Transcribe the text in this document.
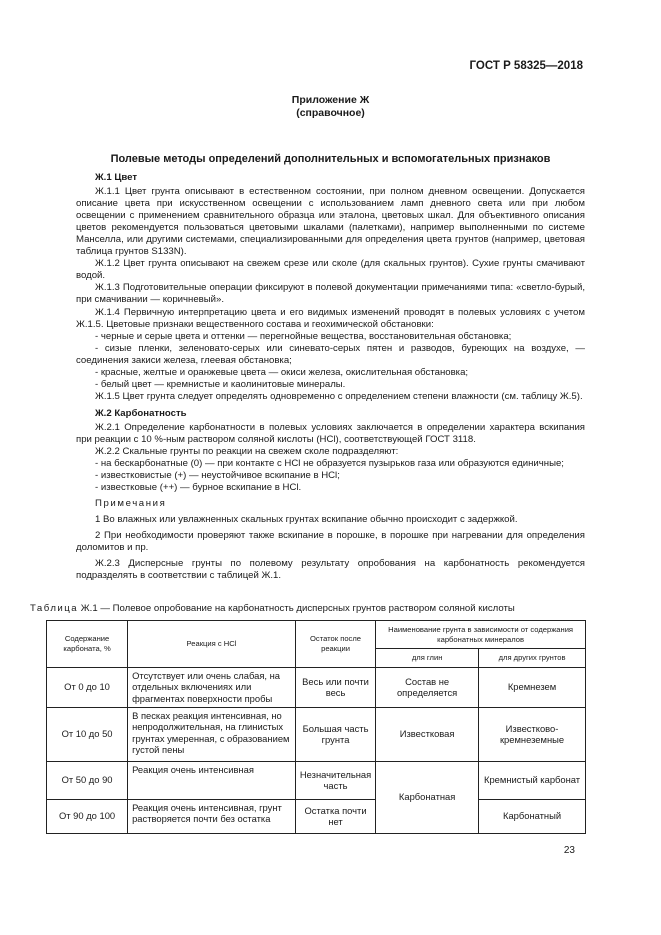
ГОСТ Р 58325—2018
Приложение Ж
(справочное)
Полевые методы определений дополнительных и вспомогательных признаков

Ж.1 Цвет

Ж.1.1 Цвет грунта описывают в естественном состоянии, при полном дневном освещении. Допускается описание цвета при искусственном освещении с использованием ламп дневного света или при любом освещении с применением сравнительного образца или эталона, цветовых шкал. Для объективного описания цветов рекомендуется пользоваться цветовыми шкалами (палетками), например выполненными по системе Манселла, или другими системами, специализированными для определения цвета грунтов (например, цветовая таблица грунтов S133N).

Ж.1.2 Цвет грунта описывают на свежем срезе или сколе (для скальных грунтов). Сухие грунты смачивают водой.

Ж.1.3 Подготовительные операции фиксируют в полевой документации примечаниями типа: «светло-бурый, при смачивании — коричневый».

Ж.1.4 Первичную интерпретацию цвета и его видимых изменений проводят в полевых условиях с учетом Ж.1.5. Цветовые признаки вещественного состава и геохимической обстановки:

- черные и серые цвета и оттенки — перегнойные вещества, восстановительная обстановка;

- сизые пленки, зеленовато-серых или синевато-серых пятен и разводов, буреющих на воздухе, — соединения закиси железа, глеевая обстановка;

- красные, желтые и оранжевые цвета — окиси железа, окислительная обстановка;

- белый цвет — кремнистые и каолинитовые минералы.

Ж.1.5 Цвет грунта следует определять одновременно с определением степени влажности (см. таблицу Ж.5).

Ж.2 Карбонатность

Ж.2.1 Определение карбонатности в полевых условиях заключается в определении характера вскипания при реакции с 10 %-ным раствором соляной кислоты (HCl), соответствующей ГОСТ 3118.

Ж.2.2 Скальные грунты по реакции на свежем сколе подразделяют:

- на бескарбонатные (0) — при контакте с HCl не образуется пузырьков газа или образуются единичные;

- известковистые (+) — неустойчивое вскипание в HCl;

- известковые (++) — бурное вскипание в HCl.

Примечания

1 Во влажных или увлажненных скальных грунтах вскипание обычно происходит с задержкой.

2 При необходимости проверяют также вскипание в порошке, в порошке при нагревании для определения доломитов и пр.

Ж.2.3 Дисперсные грунты по полевому результату опробования на карбонатность рекомендуется подразделять в соответствии с таблицей Ж.1.

Таблица Ж.1 — Полевое опробование на карбонатность дисперсных грунтов раствором соляной кислоты
Содержание карбоната, %	Реакция с HCl	Остаток после реакции	Наименование грунта в зависимости от содержания карбонатных минералов	
			для глин	для других грунтов
От 0 до 10	Отсутствует или очень слабая, на отдельных включениях или фрагментах поверхности пробы	Весь или почти весь	Состав не определяется	Кремнезем
От 10 до 50	В песках реакция интенсивная, но непродолжительная, на глинистых грунтах умеренная, с образованием густой пены	Большая часть грунта	Известковая	Известково-кремнеземные
От 50 до 90	Реакция очень интенсивная	Незначительная часть	Карбонатная	Кремнистый карбонат
От 90 до 100	Реакция очень интенсивная, грунт растворяется почти без остатка	Остатка почти нет		Карбонатный
23
